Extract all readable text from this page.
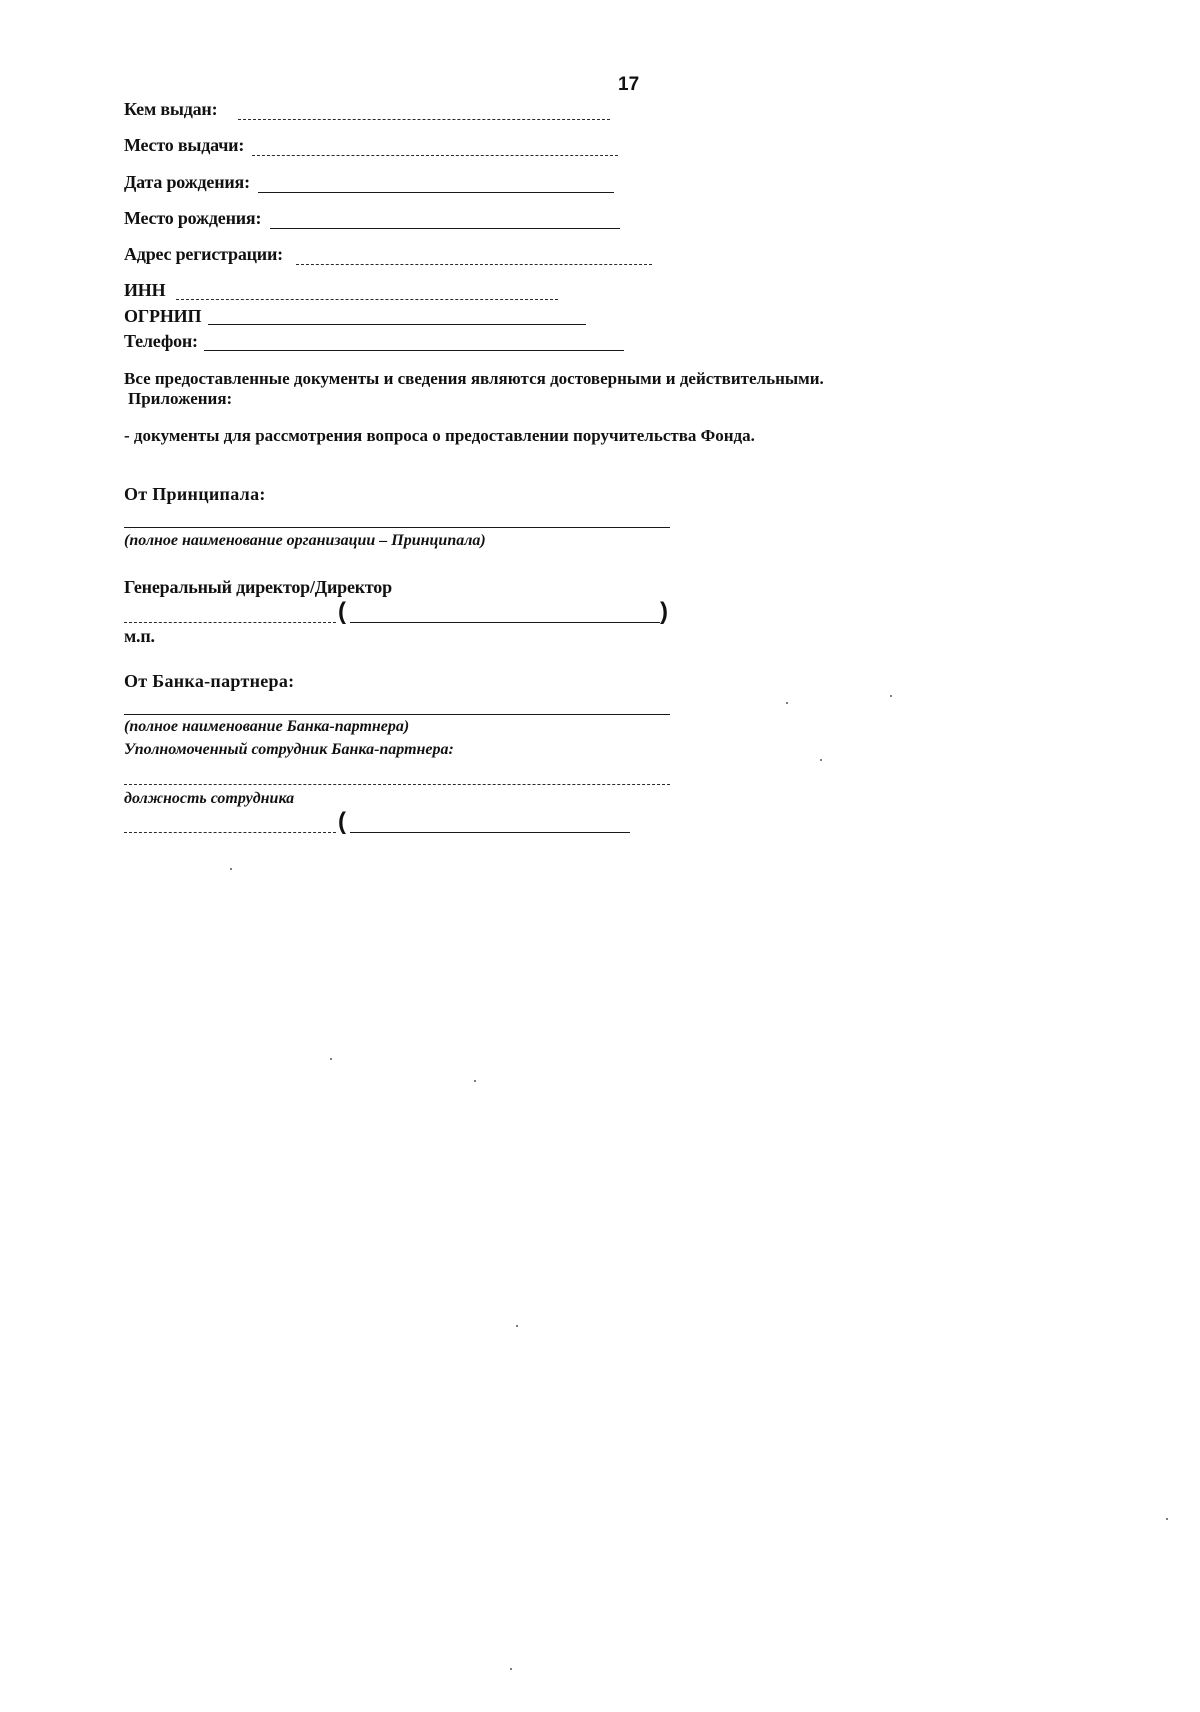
17
Кем выдан:
Место выдачи:
Дата рождения:
Место рождения:
Адрес регистрации:
ИНН
ОГРНИП
Телефон:
Все предоставленные документы и сведения являются достоверными и действительными.
Приложения:
- документы для рассмотрения вопроса о предоставлении поручительства Фонда.
От Принципала:
(полное наименование организации – Принципала)
Генеральный директор/Директор
(	)
м.п.
От Банка-партнера:
(полное наименование Банка-партнера)
Уполномоченный сотрудник Банка-партнера:
должность сотрудника
(
